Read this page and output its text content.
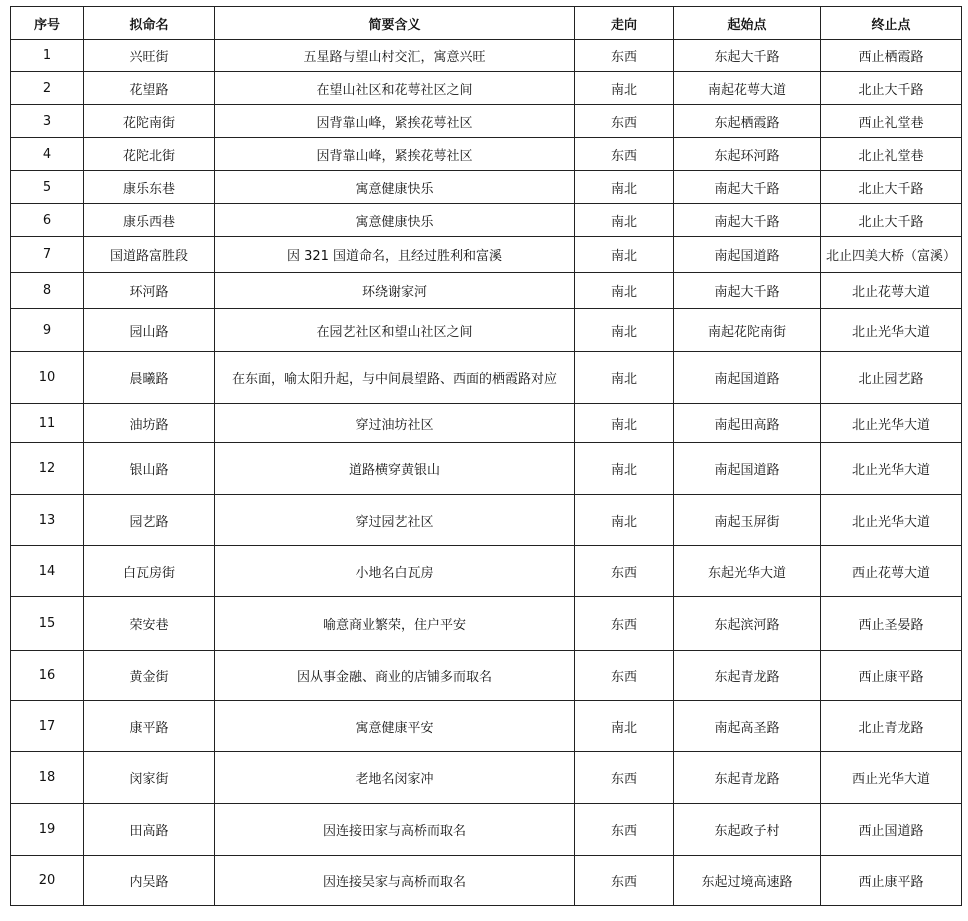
序号	拟命名	简要含义	走向	起始点	终止点
1	兴旺街	五星路与望山村交汇，寓意兴旺	东西	东起大千路	西止栖霞路
2	花望路	在望山社区和花萼社区之间	南北	南起花萼大道	北止大千路
3	花陀南街	因背靠山峰，紧挨花萼社区	东西	东起栖霞路	西止礼堂巷
4	花陀北街	因背靠山峰，紧挨花萼社区	东西	东起环河路	北止礼堂巷
5	康乐东巷	寓意健康快乐	南北	南起大千路	北止大千路
6	康乐西巷	寓意健康快乐	南北	南起大千路	北止大千路
7	国道路富胜段	因 321 国道命名，且经过胜利和富溪	南北	南起国道路	北止四美大桥（富溪）
8	环河路	环绕谢家河	南北	南起大千路	北止花萼大道
9	园山路	在园艺社区和望山社区之间	南北	南起花陀南街	北止光华大道
10	晨曦路	在东面，喻太阳升起，与中间晨望路、西面的栖霞路对应	南北	南起国道路	北止园艺路
11	油坊路	穿过油坊社区	南北	南起田高路	北止光华大道
12	银山路	道路横穿黄银山	南北	南起国道路	北止光华大道
13	园艺路	穿过园艺社区	南北	南起玉屏街	北止光华大道
14	白瓦房街	小地名白瓦房	东西	东起光华大道	西止花萼大道
15	荣安巷	喻意商业繁荣，住户平安	东西	东起滨河路	西止圣晏路
16	黄金街	因从事金融、商业的店铺多而取名	东西	东起青龙路	西止康平路
17	康平路	寓意健康平安	南北	南起高圣路	北止青龙路
18	闵家街	老地名闵家冲	东西	东起青龙路	西止光华大道
19	田高路	因连接田家与高桥而取名	东西	东起政子村	西止国道路
20	内吴路	因连接吴家与高桥而取名	东西	东起过境高速路	西止康平路
